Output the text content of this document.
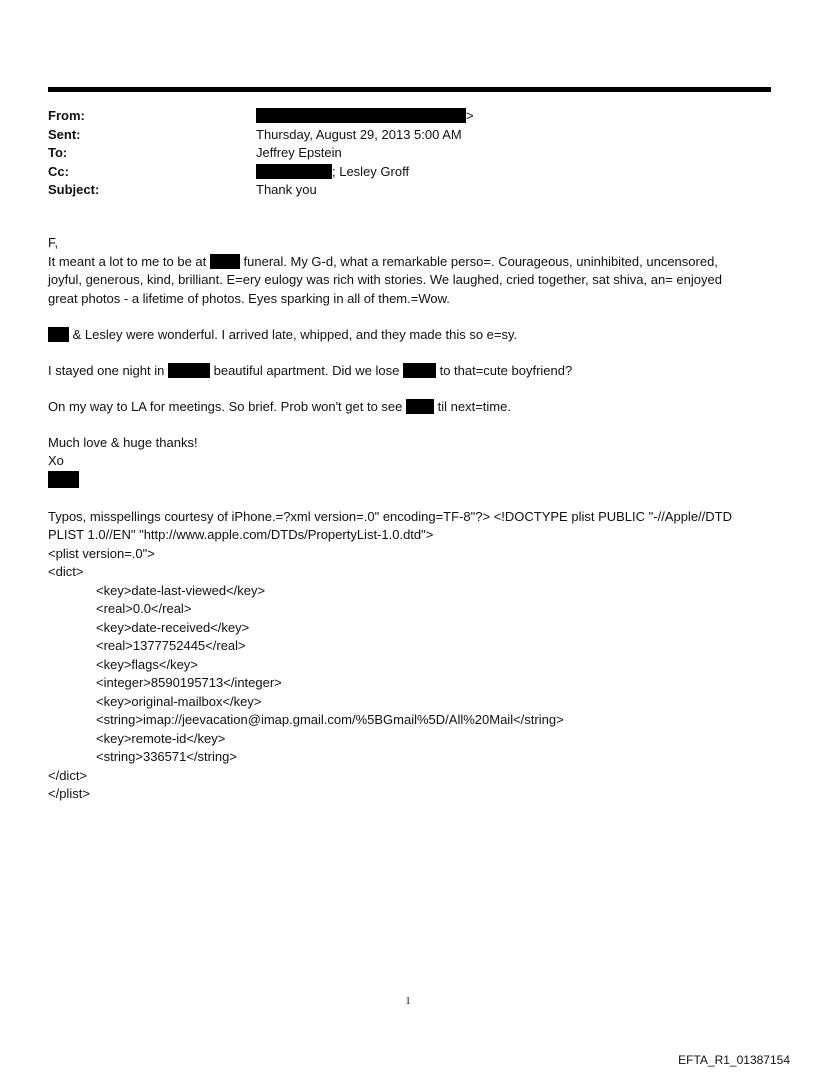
From:	>
Sent:	Thursday, August 29, 2013 5:00 AM
To:	Jeffrey Epstein
Cc:	; Lesley Groff
Subject:	Thank you

F,

It meant a lot to me to be at	funeral. My G-d, what a remarkable perso=. Courageous, uninhibited, uncensored,
joyful, generous, kind, brilliant. E=ery eulogy was rich with stories. We laughed, cried together, sat shiva, an= enjoyed
great photos - a lifetime of photos. Eyes sparking in all of them.=Wow.

& Lesley were wonderful. I arrived late, whipped, and they made this so e=sy.

I stayed one night in	beautiful apartment. Did we lose	to that=cute boyfriend?

On my way to LA for meetings. So brief. Prob won't get to see	til next=time.

Much love & huge thanks!

Xo

Typos, misspellings courtesy of iPhone.=?xml version=.0" encoding=TF-8"?> <!DOCTYPE plist PUBLIC "-//Apple//DTD

PLIST 1.0//EN" "http://www.apple.com/DTDs/PropertyList-1.0.dtd">

<plist version=.0">

<dict>

<key>date-last-viewed</key>

<real>0.0</real>

<key>date-received</key>

<real>1377752445</real>

<key>flags</key>

<integer>8590195713</integer>

<key>original-mailbox</key>

<string>imap://jeevacation@imap.gmail.com/%5BGmail%5D/All%20Mail</string>

<key>remote-id</key>

<string>336571</string>

</dict>

</plist>

1
EFTA_R1_01387154
